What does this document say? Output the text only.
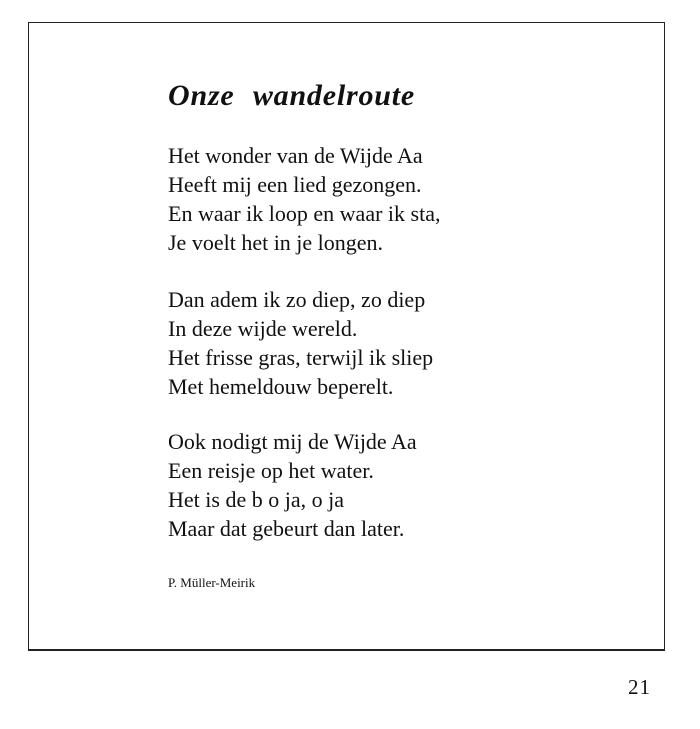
Onze wandelroute
Het wonder van de Wijde Aa
Heeft mij een lied gezongen.
En waar ik loop en waar ik sta,
Je voelt het in je longen.
Dan adem ik zo diep, zo diep
In deze wijde wereld.
Het frisse gras, terwijl ik sliep
Met hemeldouw beperelt.
Ook nodigt mij de Wijde Aa
Een reisje op het water.
Het is de b o ja, o ja
Maar dat gebeurt dan later.

P. Müller-Meirik

21
